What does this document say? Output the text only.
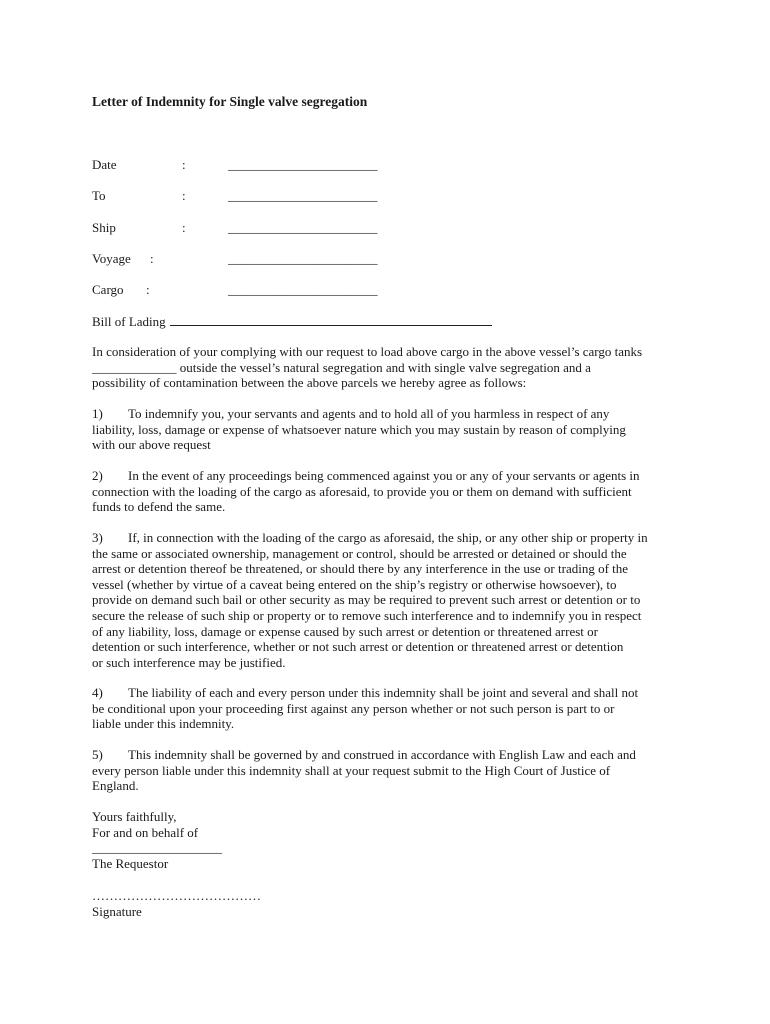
Letter of Indemnity for Single valve segregation
Date	:	_______________________
To	:	_______________________
Ship	:	_______________________
Voyage :	_______________________
Cargo :	_______________________
Bill of Lading
In consideration of your complying with our request to load above cargo in the above vessel’s cargo tanks
_____________ outside the vessel’s natural segregation and with single valve segregation and a
possibility of contamination between the above parcels we hereby agree as follows:
1) To indemnify you, your servants and agents and to hold all of you harmless in respect of any
liability, loss, damage or expense of whatsoever nature which you may sustain by reason of complying
with our above request
2) In the event of any proceedings being commenced against you or any of your servants or agents in
connection with the loading of the cargo as aforesaid, to provide you or them on demand with sufficient
funds to defend the same.
3) If, in connection with the loading of the cargo as aforesaid, the ship, or any other ship or property in
the same or associated ownership, management or control, should be arrested or detained or should the
arrest or detention thereof be threatened, or should there by any interference in the use or trading of the
vessel (whether by virtue of a caveat being entered on the ship’s registry or otherwise howsoever), to
provide on demand such bail or other security as may be required to prevent such arrest or detention or to
secure the release of such ship or property or to remove such interference and to indemnify you in respect
of any liability, loss, damage or expense caused by such arrest or detention or threatened arrest or
detention or such interference, whether or not such arrest or detention or threatened arrest or detention
or such interference may be justified.
4) The liability of each and every person under this indemnity shall be joint and several and shall not
be conditional upon your proceeding first against any person whether or not such person is part to or
liable under this indemnity.
5) This indemnity shall be governed by and construed in accordance with English Law and each and
every person liable under this indemnity shall at your request submit to the High Court of Justice of
England.
Yours faithfully,
For and on behalf of
____________________
The Requestor
…………………………………
Signature
